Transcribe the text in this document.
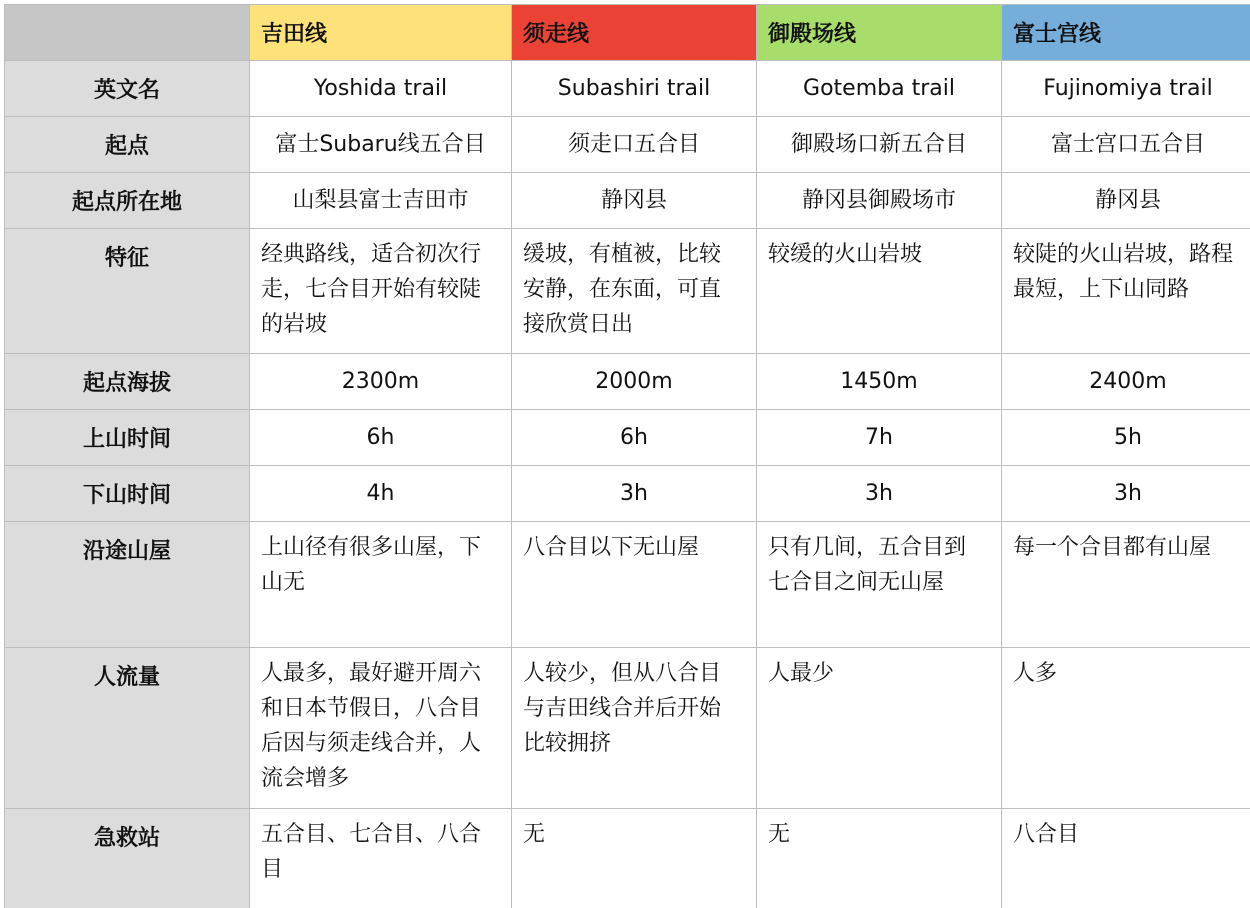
	吉田线	须走线	御殿场线	富士宫线
英文名	Yoshida trail	Subashiri trail	Gotemba trail	Fujinomiya trail
起点	富士Subaru线五合目	须走口五合目	御殿场口新五合目	富士宫口五合目
起点所在地	山梨县富士吉田市	静冈县	静冈县御殿场市	静冈县
特征	经典路线，适合初次行走，七合目开始有较陡的岩坡	缓坡，有植被，比较安静，在东面，可直接欣赏日出	较缓的火山岩坡	较陡的火山岩坡，路程最短，上下山同路
起点海拔	2300m	2000m	1450m	2400m
上山时间	6h	6h	7h	5h
下山时间	4h	3h	3h	3h
沿途山屋	上山径有很多山屋，下山无	八合目以下无山屋	只有几间，五合目到七合目之间无山屋	每一个合目都有山屋
人流量	人最多，最好避开周六和日本节假日，八合目后因与须走线合并，人流会增多	人较少，但从八合目与吉田线合并后开始比较拥挤	人最少	人多
急救站	五合目、七合目、八合目	无	无	八合目
